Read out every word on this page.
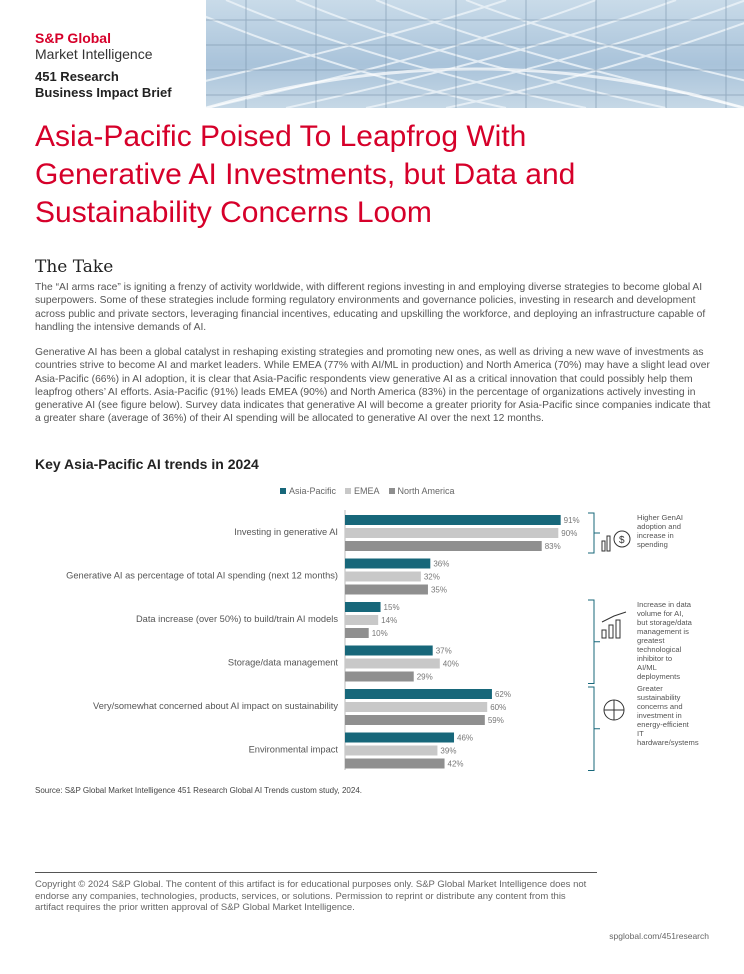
S&P Global
Market Intelligence
451 Research
Business Impact Brief
Asia-Pacific Poised To Leapfrog With
Generative AI Investments, but Data and
Sustainability Concerns Loom
The Take
The “AI arms race” is igniting a frenzy of activity worldwide, with different regions investing in and employing diverse strategies to become global AI superpowers. Some of these strategies include forming regulatory environments and governance policies, investing in research and development across public and private sectors, leveraging financial incentives, educating and upskilling the workforce, and deploying an infrastructure capable of handling the intensive demands of AI.
Generative AI has been a global catalyst in reshaping existing strategies and promoting new ones, as well as driving a new wave of investments as countries strive to become AI and market leaders. While EMEA (77% with AI/ML in production) and North America (70%) may have a slight lead over Asia-Pacific (66%) in AI adoption, it is clear that Asia-Pacific respondents view generative AI as a critical innovation that could possibly help them leapfrog others’ AI efforts. Asia-Pacific (91%) leads EMEA (90%) and North America (83%) in the percentage of organizations actively investing in generative AI (see figure below). Survey data indicates that generative AI will become a greater priority for Asia-Pacific since companies indicate that a greater share (average of 36%) of their AI spending will be allocated to generative AI over the next 12 months.
Key Asia-Pacific AI trends in 2024
Asia-Pacific EMEA North America
Investing in generative AI
91%
90%
83%
Generative AI as percentage of total AI spending (next 12 months)
36%
32%
35%
Data increase (over 50%) to build/train AI models
15%
14%
10%
Storage/data management
37%
40%
29%
Very/somewhat concerned about AI impact on sustainability
62%
60%
59%
Environmental impact
46%
39%
42%
$
Higher GenAI adoption and increase in spending
Increase in data volume for AI, but storage/data management is greatest technological inhibitor to AI/ML deployments
Greater sustainability concerns and investment in energy-efficient IT hardware/systems
Source: S&P Global Market Intelligence 451 Research Global AI Trends custom study, 2024.
Copyright © 2024 S&P Global. The content of this artifact is for educational purposes only. S&P Global Market Intelligence does not endorse any companies, technologies, products, services, or solutions. Permission to reprint or distribute any content from this artifact requires the prior written approval of S&P Global Market Intelligence.
spglobal.com/451research
